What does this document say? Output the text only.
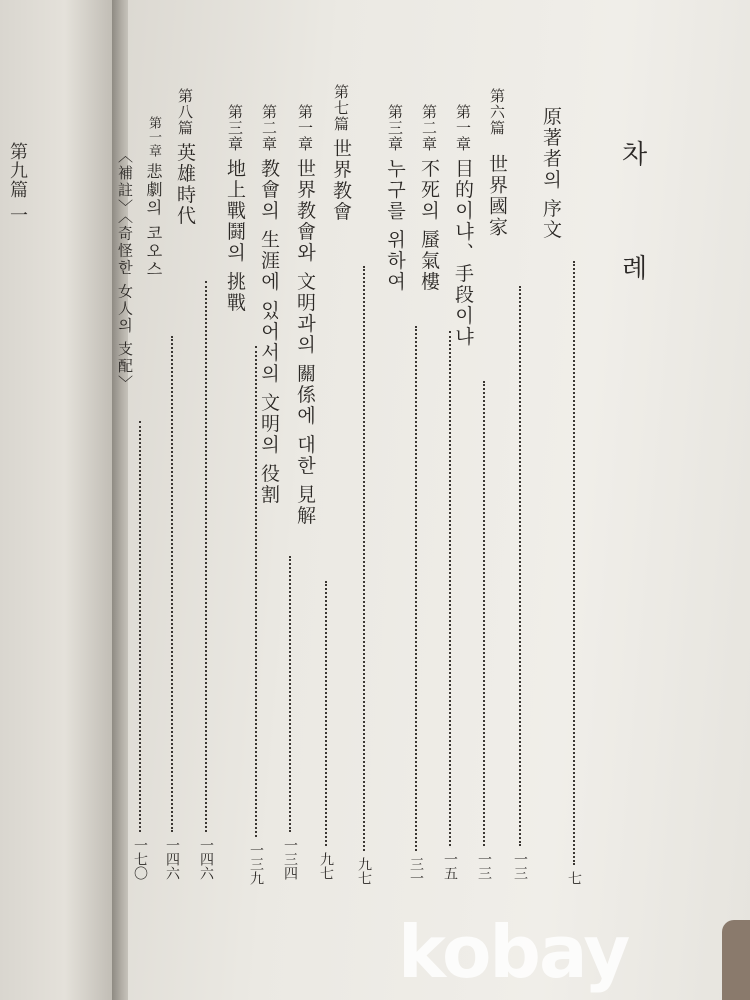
第九篇 一	차 례
原著者의 序文
第六篇 世界國家
第一章 目的이냐、手段이냐
第二章 不死의 蜃氣樓
第三章 누구를 위하여
第七篇 世界教會
第一章 世界教會와 文明과의 關係에 대한 見解
第二章 教會의 生涯에 있어서의 文明의 役割
第三章 地上戰鬪의 挑戰
第八篇 英雄時代
第一章 悲劇의 코오스
〈補註〉〈奇怪한 女人의 支配〉
七
一三
一三
一五
三一
九七
九七
一三四
一三九
一四六
一四六
一七〇
kobay
